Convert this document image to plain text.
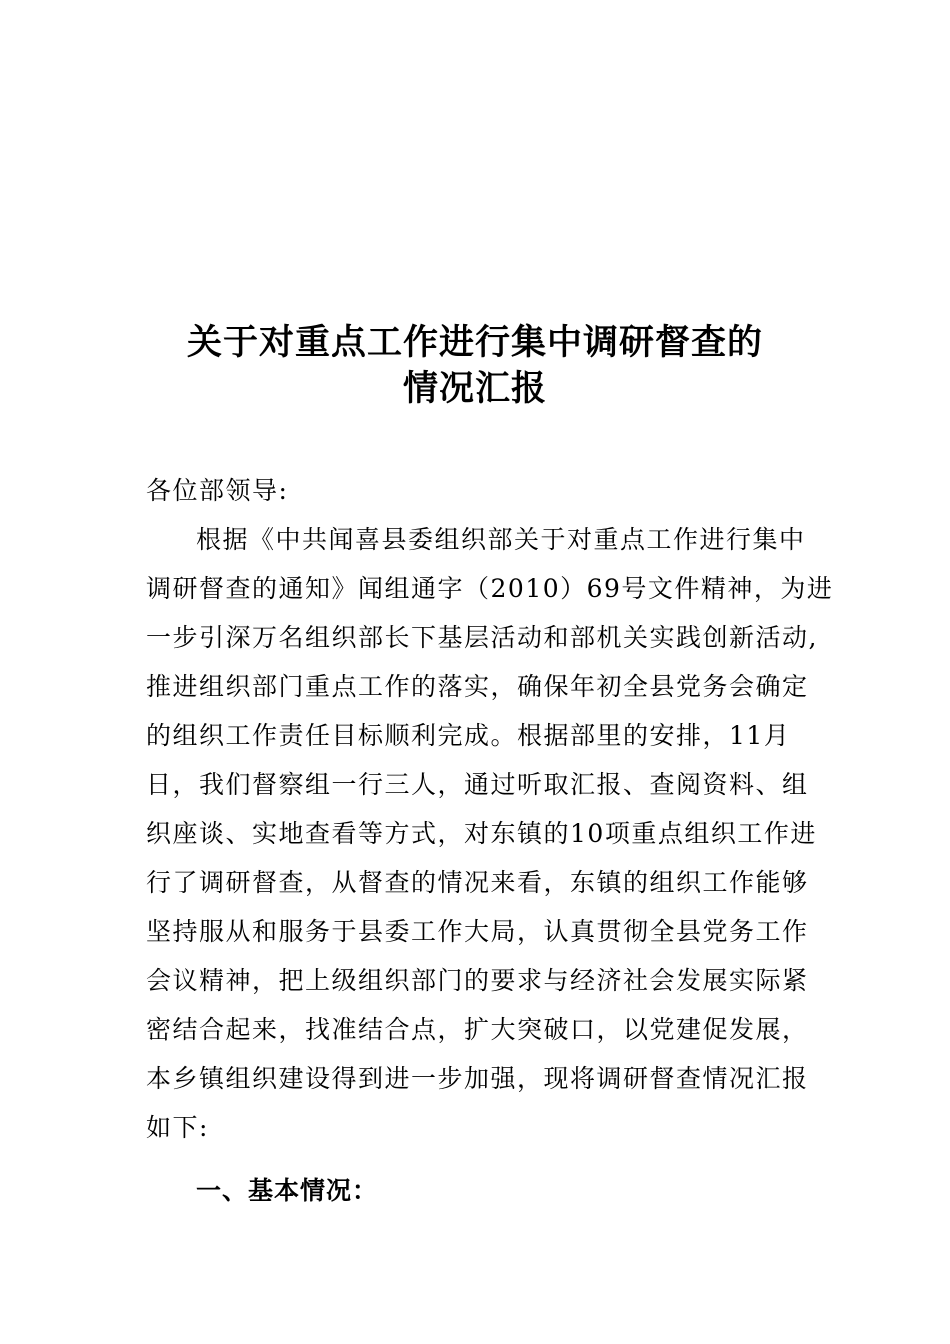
关于对重点工作进行集中调研督查的
情况汇报
各位部领导:
根据《中共闻喜县委组织部关于对重点工作进行集中
调研督查的通知》闻组通字（2010）69号文件精神，为进
一步引深万名组织部长下基层活动和部机关实践创新活动,
推进组织部门重点工作的落实，确保年初全县党务会确定
的组织工作责任目标顺利完成。根据部里的安排，11月
日，我们督察组一行三人，通过听取汇报、查阅资料、组
织座谈、实地查看等方式，对东镇的10项重点组织工作进
行了调研督查，从督查的情况来看，东镇的组织工作能够
坚持服从和服务于县委工作大局，认真贯彻全县党务工作
会议精神，把上级组织部门的要求与经济社会发展实际紧
密结合起来，找准结合点，扩大突破口，以党建促发展，
本乡镇组织建设得到进一步加强，现将调研督查情况汇报
如下:
一、基本情况：
